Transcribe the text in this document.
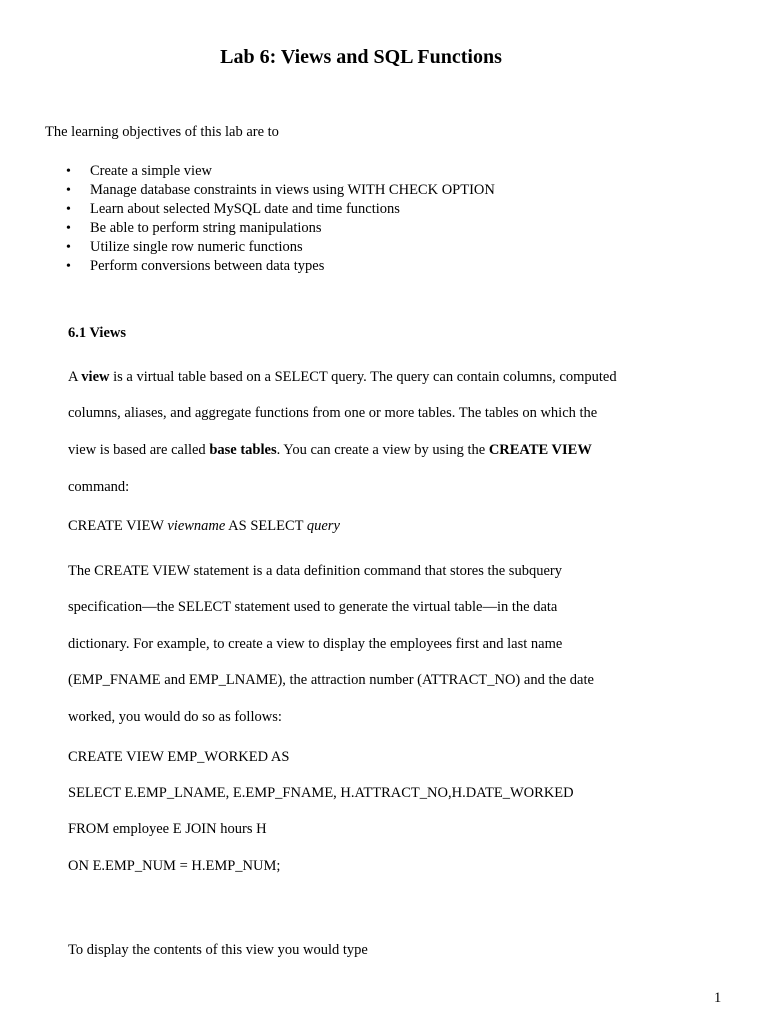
Lab 6: Views and SQL Functions

The learning objectives of this lab are to

• Create a simple view
• Manage database constraints in views using WITH CHECK OPTION
• Learn about selected MySQL date and time functions
• Be able to perform string manipulations
• Utilize single row numeric functions
• Perform conversions between data types

6.1 Views

A view is a virtual table based on a SELECT query. The query can contain columns, computed

columns, aliases, and aggregate functions from one or more tables. The tables on which the

view is based are called base tables. You can create a view by using the CREATE VIEW

command:

CREATE VIEW viewname AS SELECT query

The CREATE VIEW statement is a data definition command that stores the subquery

specification—the SELECT statement used to generate the virtual table—in the data

dictionary. For example, to create a view to display the employees first and last name

(EMP_FNAME and EMP_LNAME), the attraction number (ATTRACT_NO) and the date

worked, you would do so as follows:

CREATE VIEW EMP_WORKED AS

SELECT E.EMP_LNAME, E.EMP_FNAME, H.ATTRACT_NO,H.DATE_WORKED

FROM employee E JOIN hours H

ON E.EMP_NUM = H.EMP_NUM;

To display the contents of this view you would type

1
